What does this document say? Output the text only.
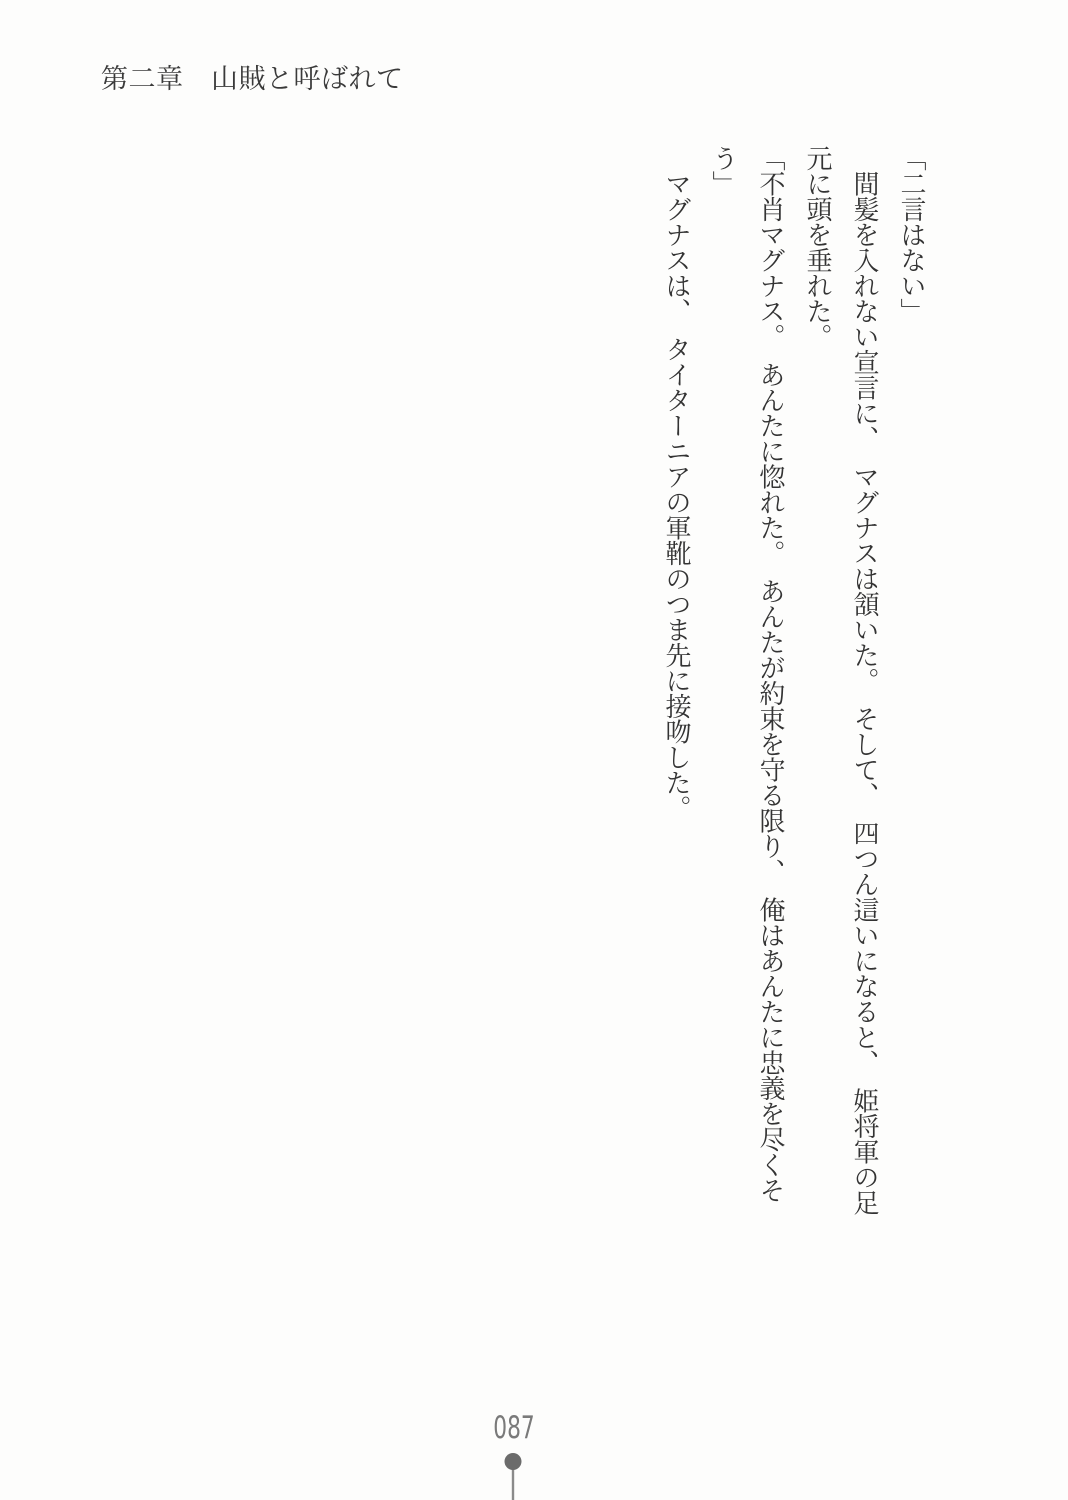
第二章　山賊と呼ばれて

「二言はない」

　間髪を入れない宣言に、　マグナスは頷いた。　そして、　四つん這いになると、　姫将軍の足

元に頭を垂れた。

「不肖マグナス。　あんたに惚れた。　あんたが約束を守る限り、　俺はあんたに忠義を尽くそ

う」

　マグナスは、　タイターニアの軍靴のつま先に接吻した。

087
